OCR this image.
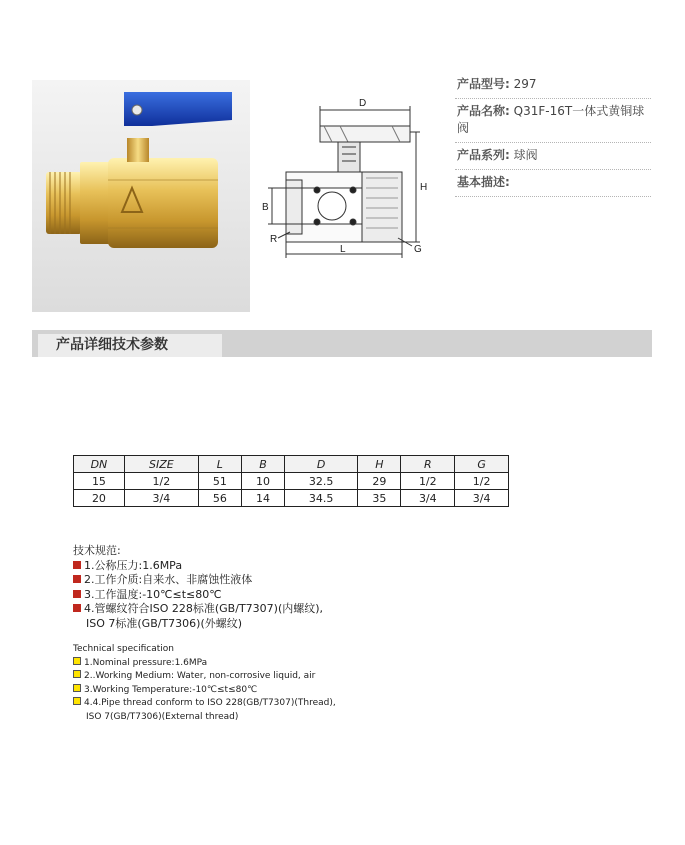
D
H
B
R
L	G
产品型号: 297
产品名称: Q31F-16T一体式黄铜球阀
产品系列: 球阀
基本描述:
产品详细技术参数
DN	SIZE	L	B	D	H	R	G
15	1/2	51	10	32.5	29	1/2	1/2
20	3/4	56	14	34.5	35	3/4	3/4
技术规范:
1.公称压力:1.6MPa
2.工作介质:自来水、非腐蚀性液体
3.工作温度:-10℃≤t≤80℃
4.管螺纹符合ISO 228标准(GB/T7307)(内螺纹),
ISO 7标准(GB/T7306)(外螺纹)
Technical specification
1.Nominal pressure:1.6MPa
2..Working Medium: Water, non-corrosive liquid, air
3.Working Temperature:-10℃≤t≤80℃
4.4.Pipe thread conform to ISO 228(GB/T7307)(Thread),
ISO 7(GB/T7306)(External thread)
